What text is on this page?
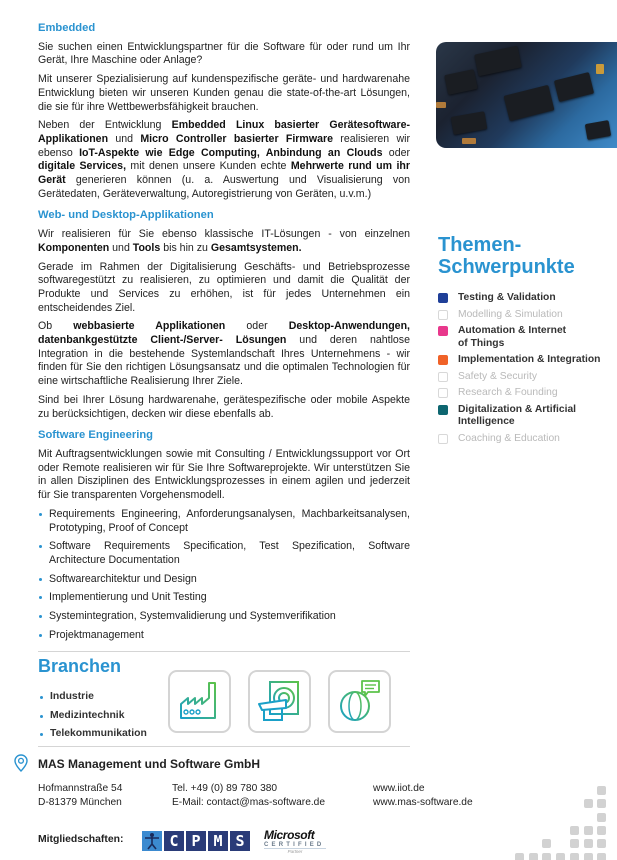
Embedded

Sie suchen einen Entwicklungspartner für die Software für oder rund um Ihr Gerät, Ihre Maschine oder Anlage?

Mit unserer Spezialisierung auf kundenspezifische geräte- und hardwarenahe Entwicklung bieten wir unseren Kunden genau die state-of-the-art Lösungen, die sie für ihre Wettbewerbsfähigkeit brauchen.

Neben der Entwicklung Embedded Linux basierter Gerätesoftware-Applikationen und Micro Controller basierter Firmware realisieren wir ebenso IoT-Aspekte wie Edge Computing, Anbindung an Clouds oder digitale Services, mit denen unsere Kunden echte Mehrwerte rund um ihr Gerät generieren können (u. a. Auswertung und Visualisierung von Gerätedaten, Geräteverwaltung, Autoregistrierung von Geräten, u.v.m.)

Web- und Desktop-Applikationen

Wir realisieren für Sie ebenso klassische IT-Lösungen - von einzelnen Komponenten und Tools bis hin zu Gesamtsystemen.

Gerade im Rahmen der Digitalisierung Geschäfts- und Betriebsprozesse softwaregestützt zu realisieren, zu optimieren und damit die Qualität der Produkte und Services zu erhöhen, ist für jedes Unternehmen ein entscheidendes Ziel.

Ob webbasierte Applikationen oder Desktop-Anwendungen, datenbankgestützte Client-/Server- Lösungen und deren nahtlose Integration in die bestehende Systemlandschaft Ihres Unternehmens - wir finden für Sie den richtigen Lösungsansatz und die optimalen Technologien für eine wirtschaftliche Realisierung Ihrer Ziele.

Sind bei Ihrer Lösung hardwarenahe, gerätespezifische oder mobile Aspekte zu berücksichtigen, decken wir diese ebenfalls ab.

Software Engineering

Mit Auftragsentwicklungen sowie mit Consulting / Entwicklungssupport vor Ort oder Remote realisieren wir für Sie Ihre Softwareprojekte. Wir unterstützen Sie in allen Disziplinen des Entwicklungsprozesses in einem agilen und jederzeit für Sie transparenten Vorgehensmodell.

Requirements Engineering, Anforderungsanalysen, Machbarkeitsanalysen, Prototyping, Proof of Concept
Software Requirements Specification, Test Spezification, Software Architecture Documentation
Softwarearchitektur und Design
Implementierung und Unit Testing
Systemintegration, Systemvalidierung und Systemverifikation
Projektmanagement
Themen-
Schwerpunkte
Testing & Validation
Modelling & Simulation
Automation & Internet of Things
Implementation & Integration
Safety & Security
Research & Founding
Digitalization & Artificial Intelligence
Coaching & Education
Branchen
Industrie
Medizintechnik
Telekommunikation
MAS Management und Software GmbH
Hofmannstraße 54
D-81379 München
Tel. +49 (0) 89 780 380
E-Mail: contact@mas-software.de
www.iiot.de
www.mas-software.de
Mitgliedschaften:	C P M S	Microsoft
CERTIFIED
Partner
